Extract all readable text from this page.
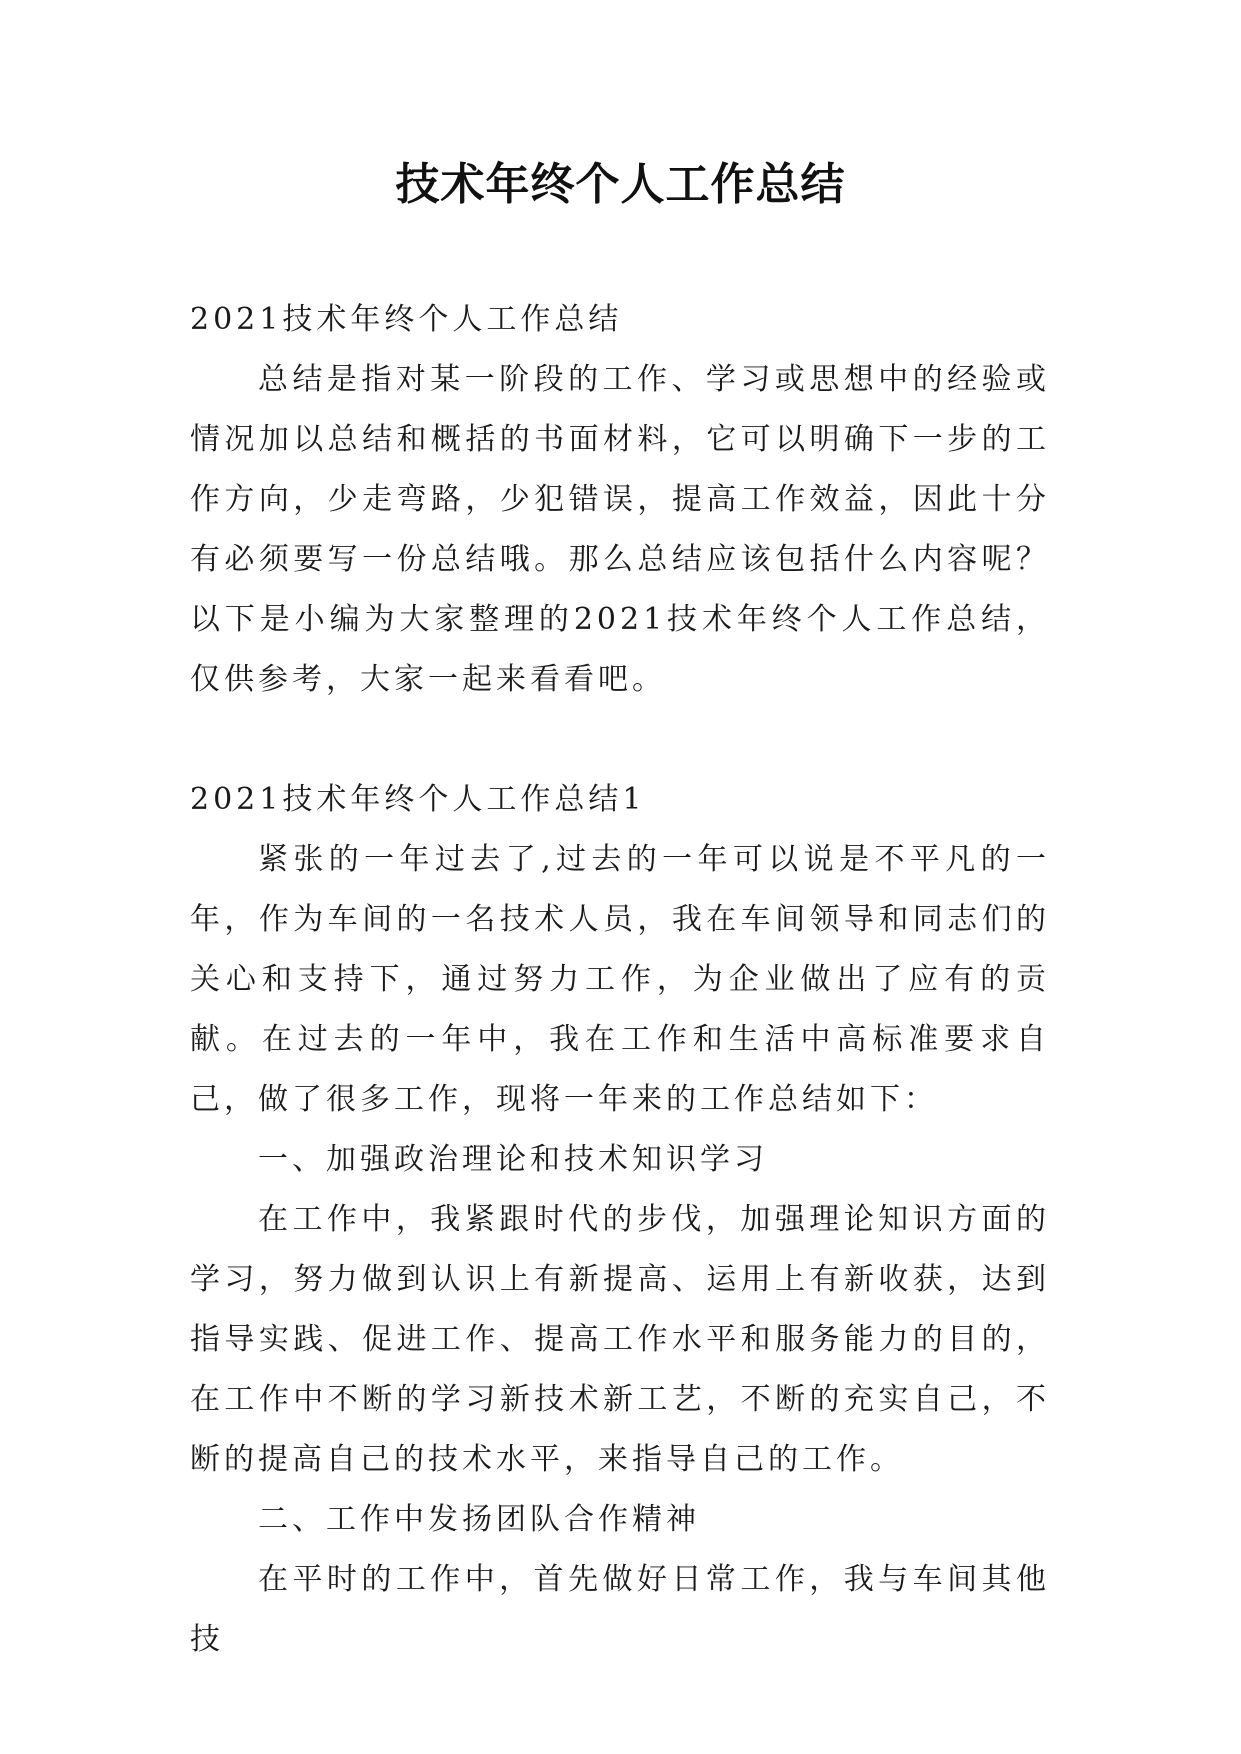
技术年终个人工作总结

2021技术年终个人工作总结

总结是指对某一阶段的工作、学习或思想中的经验或情况加以总结和概括的书面材料，它可以明确下一步的工作方向，少走弯路，少犯错误，提高工作效益，因此十分有必须要写一份总结哦。那么总结应该包括什么内容呢？以下是小编为大家整理的2021技术年终个人工作总结，仅供参考，大家一起来看看吧。

2021技术年终个人工作总结1

紧张的一年过去了,过去的一年可以说是不平凡的一年，作为车间的一名技术人员，我在车间领导和同志们的关心和支持下，通过努力工作，为企业做出了应有的贡献。在过去的一年中，我在工作和生活中高标准要求自己，做了很多工作，现将一年来的工作总结如下：

一、加强政治理论和技术知识学习

在工作中，我紧跟时代的步伐，加强理论知识方面的学习，努力做到认识上有新提高、运用上有新收获，达到指导实践、促进工作、提高工作水平和服务能力的目的，在工作中不断的学习新技术新工艺，不断的充实自己，不断的提高自己的技术水平，来指导自己的工作。

二、工作中发扬团队合作精神

在平时的工作中，首先做好日常工作，我与车间其他技
